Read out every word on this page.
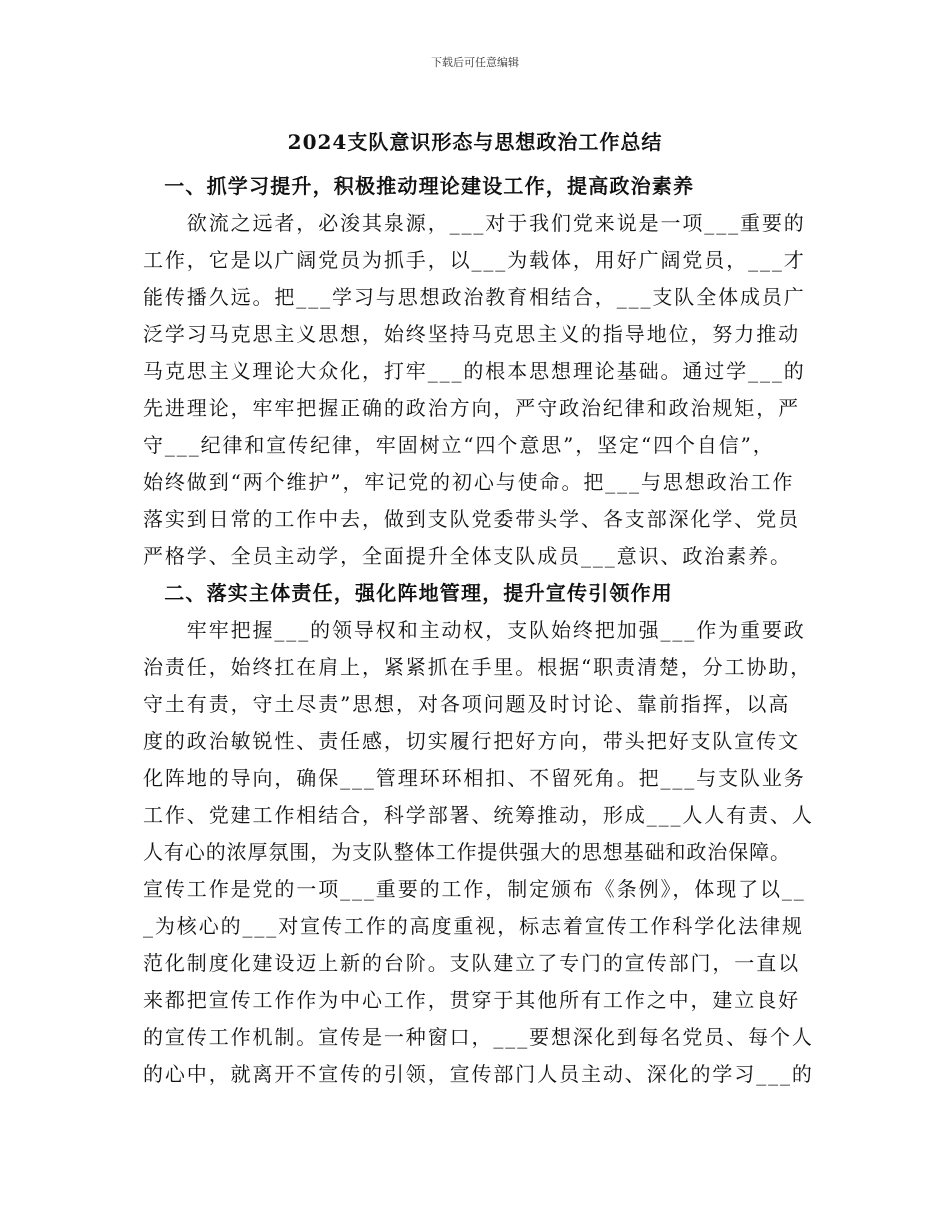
下载后可任意编辑
2024支队意识形态与思想政治工作总结
　一、抓学习提升，积极推动理论建设工作，提高政治素养
　　欲流之远者，必浚其泉源，___对于我们党来说是一项___重要的
工作，它是以广阔党员为抓手，以___为载体，用好广阔党员，___才
能传播久远。把___学习与思想政治教育相结合，___支队全体成员广
泛学习马克思主义思想，始终坚持马克思主义的指导地位，努力推动
马克思主义理论大众化，打牢___的根本思想理论基础。通过学___的
先进理论，牢牢把握正确的政治方向，严守政治纪律和政治规矩，严
守___纪律和宣传纪律，牢固树立“四个意思”，坚定“四个自信”，
始终做到“两个维护”，牢记党的初心与使命。把___与思想政治工作
落实到日常的工作中去，做到支队党委带头学、各支部深化学、党员
严格学、全员主动学，全面提升全体支队成员___意识、政治素养。
　二、落实主体责任，强化阵地管理，提升宣传引领作用
　　牢牢把握___的领导权和主动权，支队始终把加强___作为重要政
治责任，始终扛在肩上，紧紧抓在手里。根据“职责清楚，分工协助，
守土有责，守土尽责”思想，对各项问题及时讨论、靠前指挥，以高
度的政治敏锐性、责任感，切实履行把好方向，带头把好支队宣传文
化阵地的导向，确保___管理环环相扣、不留死角。把___与支队业务
工作、党建工作相结合，科学部署、统筹推动，形成___人人有责、人
人有心的浓厚氛围，为支队整体工作提供强大的思想基础和政治保障。
宣传工作是党的一项___重要的工作，制定颁布《条例》，体现了以__
_为核心的___对宣传工作的高度重视，标志着宣传工作科学化法律规
范化制度化建设迈上新的台阶。支队建立了专门的宣传部门，一直以
来都把宣传工作作为中心工作，贯穿于其他所有工作之中，建立良好
的宣传工作机制。宣传是一种窗口，___要想深化到每名党员、每个人
的心中，就离开不宣传的引领，宣传部门人员主动、深化的学习___的
